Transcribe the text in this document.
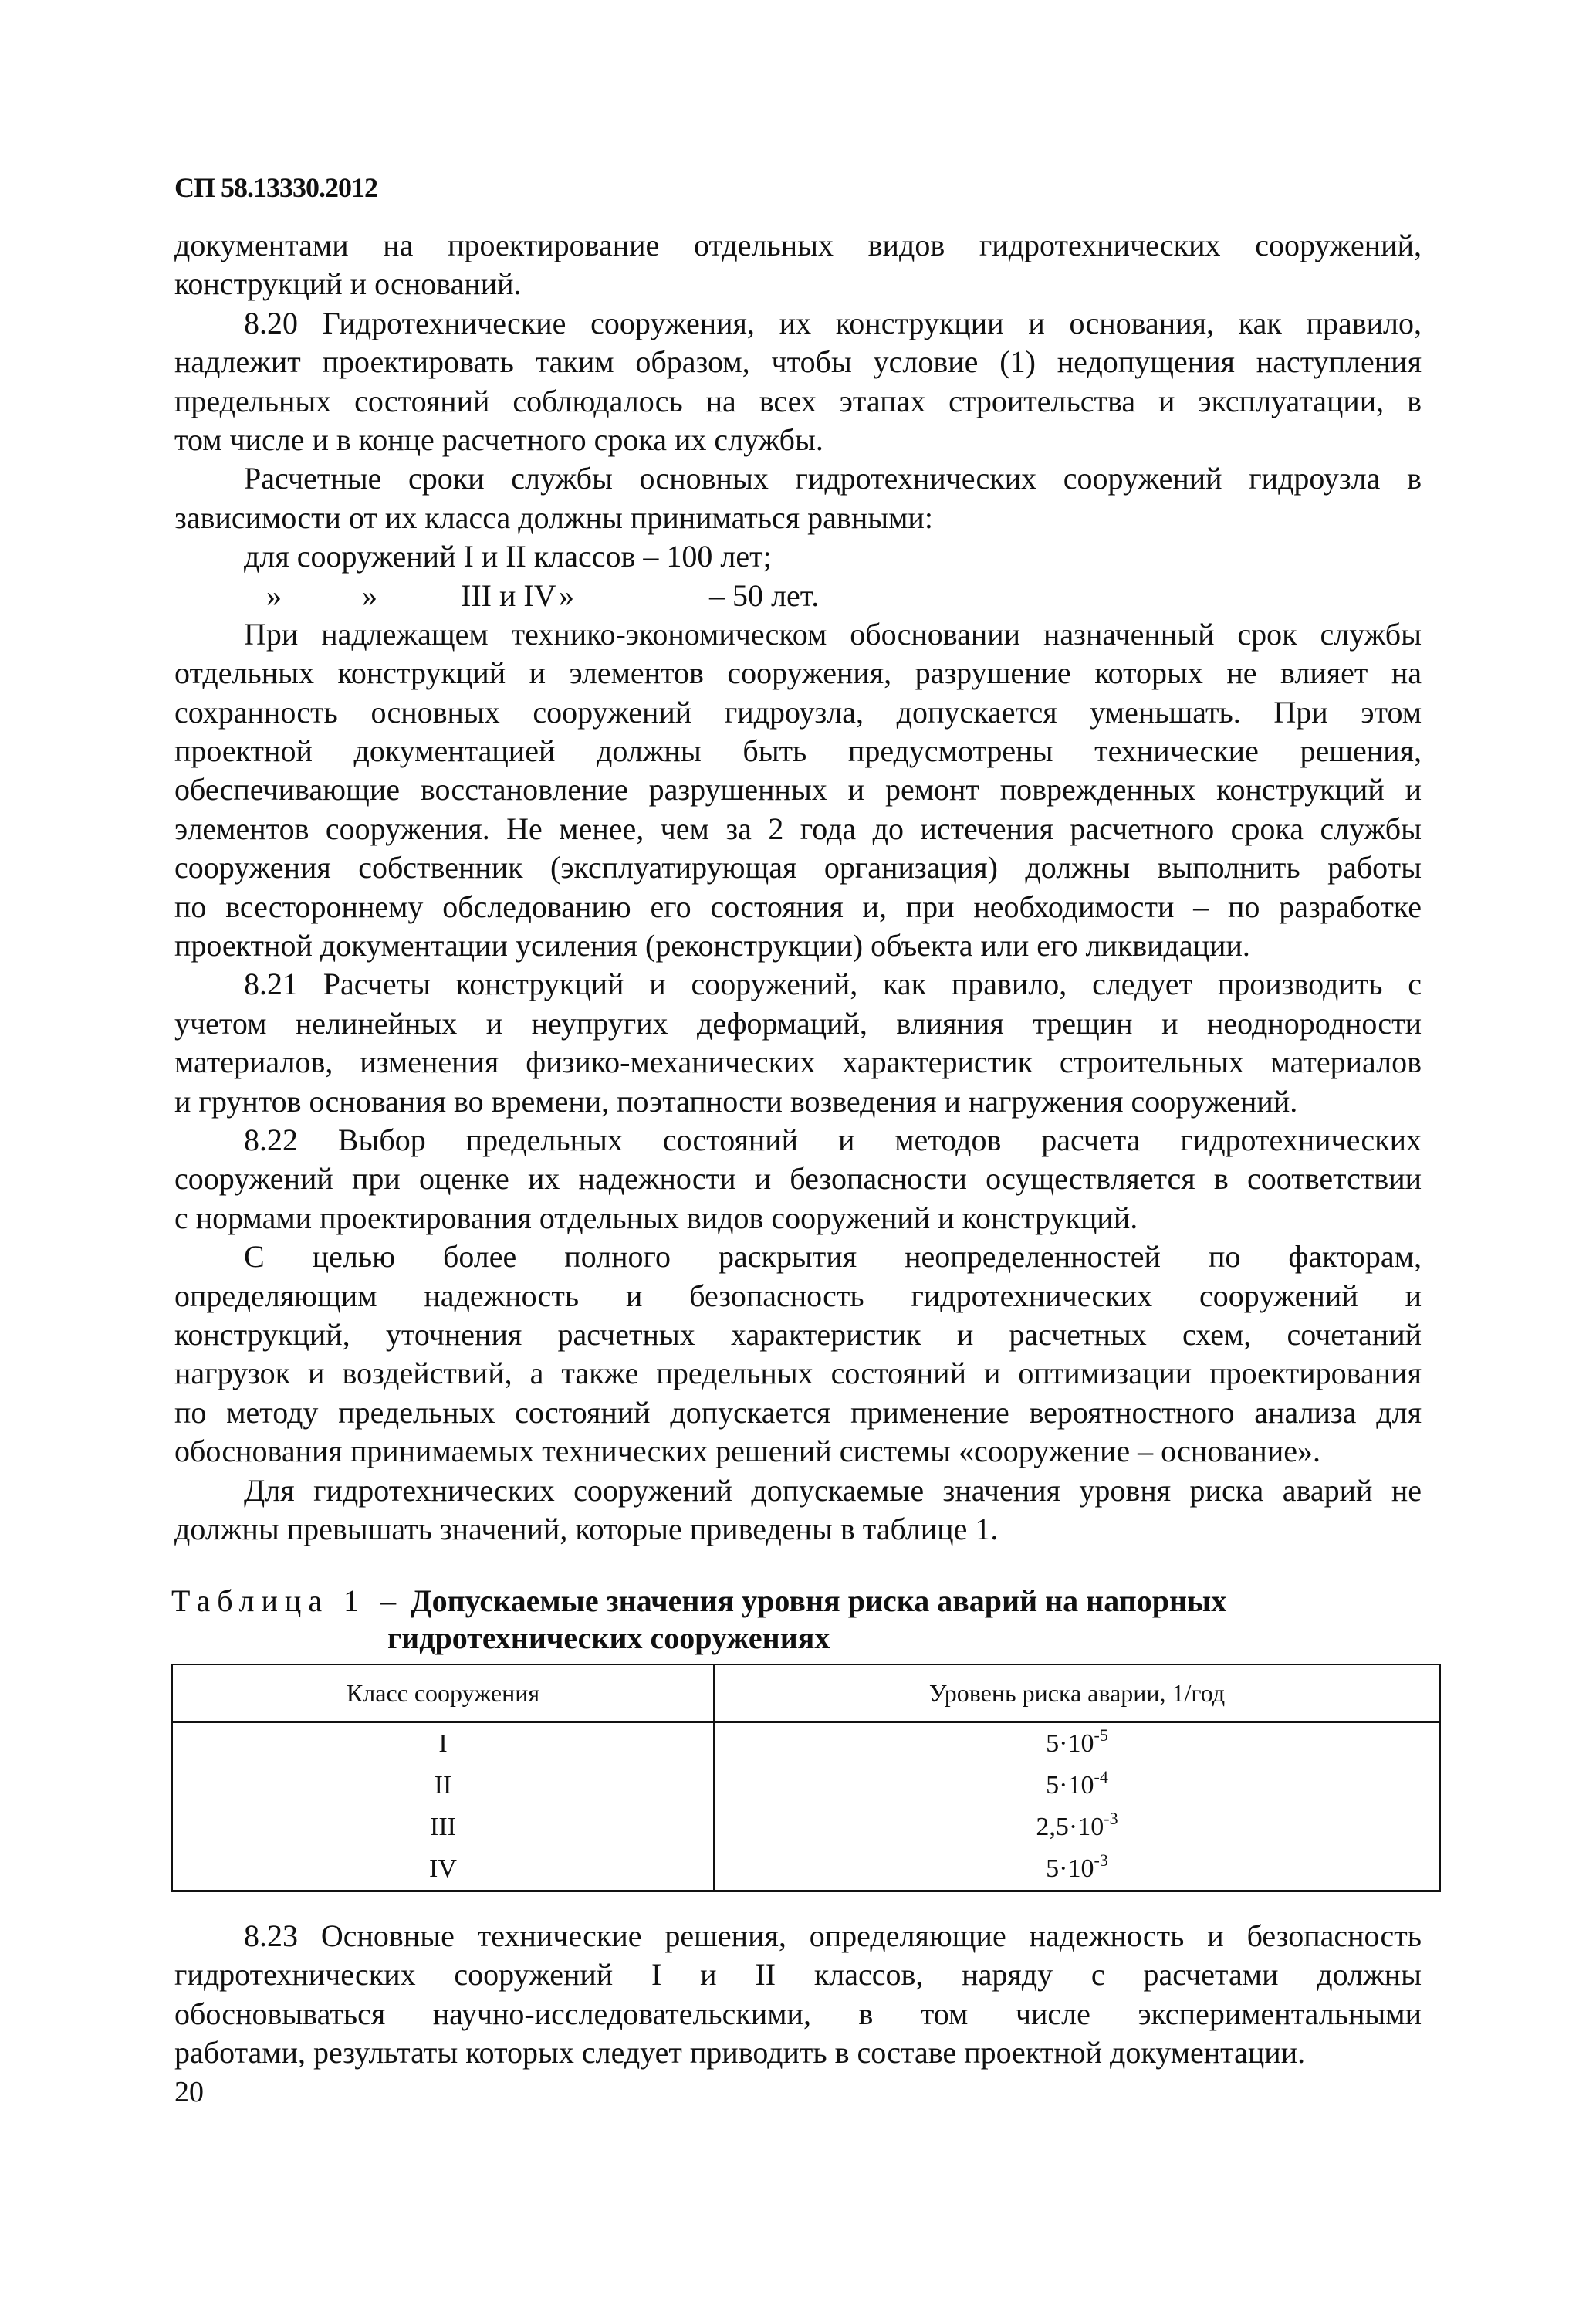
СП 58.13330.2012
документами на проектирование отдельных видов гидротехнических сооружений,
конструкций и оснований.
8.20 Гидротехнические сооружения, их конструкции и основания, как правило,
надлежит проектировать таким образом, чтобы условие (1) недопущения наступления
предельных состояний соблюдалось на всех этапах строительства и эксплуатации, в
том числе и в конце расчетного срока их службы.
Расчетные сроки службы основных гидротехнических сооружений гидроузла в
зависимости от их класса должны приниматься равными:
для сооружений I и II классов – 100 лет;
»	»	III и IV »	– 50 лет.
При надлежащем технико-экономическом обосновании назначенный срок службы
отдельных конструкций и элементов сооружения, разрушение которых не влияет на
сохранность основных сооружений гидроузла, допускается уменьшать. При этом
проектной документацией должны быть предусмотрены технические решения,
обеспечивающие восстановление разрушенных и ремонт поврежденных конструкций и
элементов сооружения. Не менее, чем за 2 года до истечения расчетного срока службы
сооружения собственник (эксплуатирующая организация) должны выполнить работы
по всестороннему обследованию его состояния и, при необходимости – по разработке
проектной документации усиления (реконструкции) объекта или его ликвидации.
8.21 Расчеты конструкций и сооружений, как правило, следует производить с
учетом нелинейных и неупругих деформаций, влияния трещин и неоднородности
материалов, изменения физико-механических характеристик строительных материалов
и грунтов основания во времени, поэтапности возведения и нагружения сооружений.
8.22 Выбор предельных состояний и методов расчета гидротехнических
сооружений при оценке их надежности и безопасности осуществляется в соответствии
с нормами проектирования отдельных видов сооружений и конструкций.
С целью более полного раскрытия неопределенностей по факторам,
определяющим надежность и безопасность гидротехнических сооружений и
конструкций, уточнения расчетных характеристик и расчетных схем, сочетаний
нагрузок и воздействий, а также предельных состояний и оптимизации проектирования
по методу предельных состояний допускается применение вероятностного анализа для
обоснования принимаемых технических решений системы «сооружение – основание».
Для гидротехнических сооружений допускаемые значения уровня риска аварий не
должны превышать значений, которые приведены в таблице 1.
Таблица 1 – Допускаемые значения уровня риска аварий на напорных
гидротехнических сооружениях
Класс сооружения	Уровень риска аварии, 1/год
I	$5\cdot 10^{-5}$
II	$5\cdot 10^{-4}$
III	$2,5\cdot 10^{-3}$
IV	$5\cdot 10^{-3}$
8.23 Основные технические решения, определяющие надежность и безопасность
гидротехнических сооружений I и II классов, наряду с расчетами должны
обосновываться научно-исследовательскими, в том числе экспериментальными
работами, результаты которых следует приводить в составе проектной документации.
20
